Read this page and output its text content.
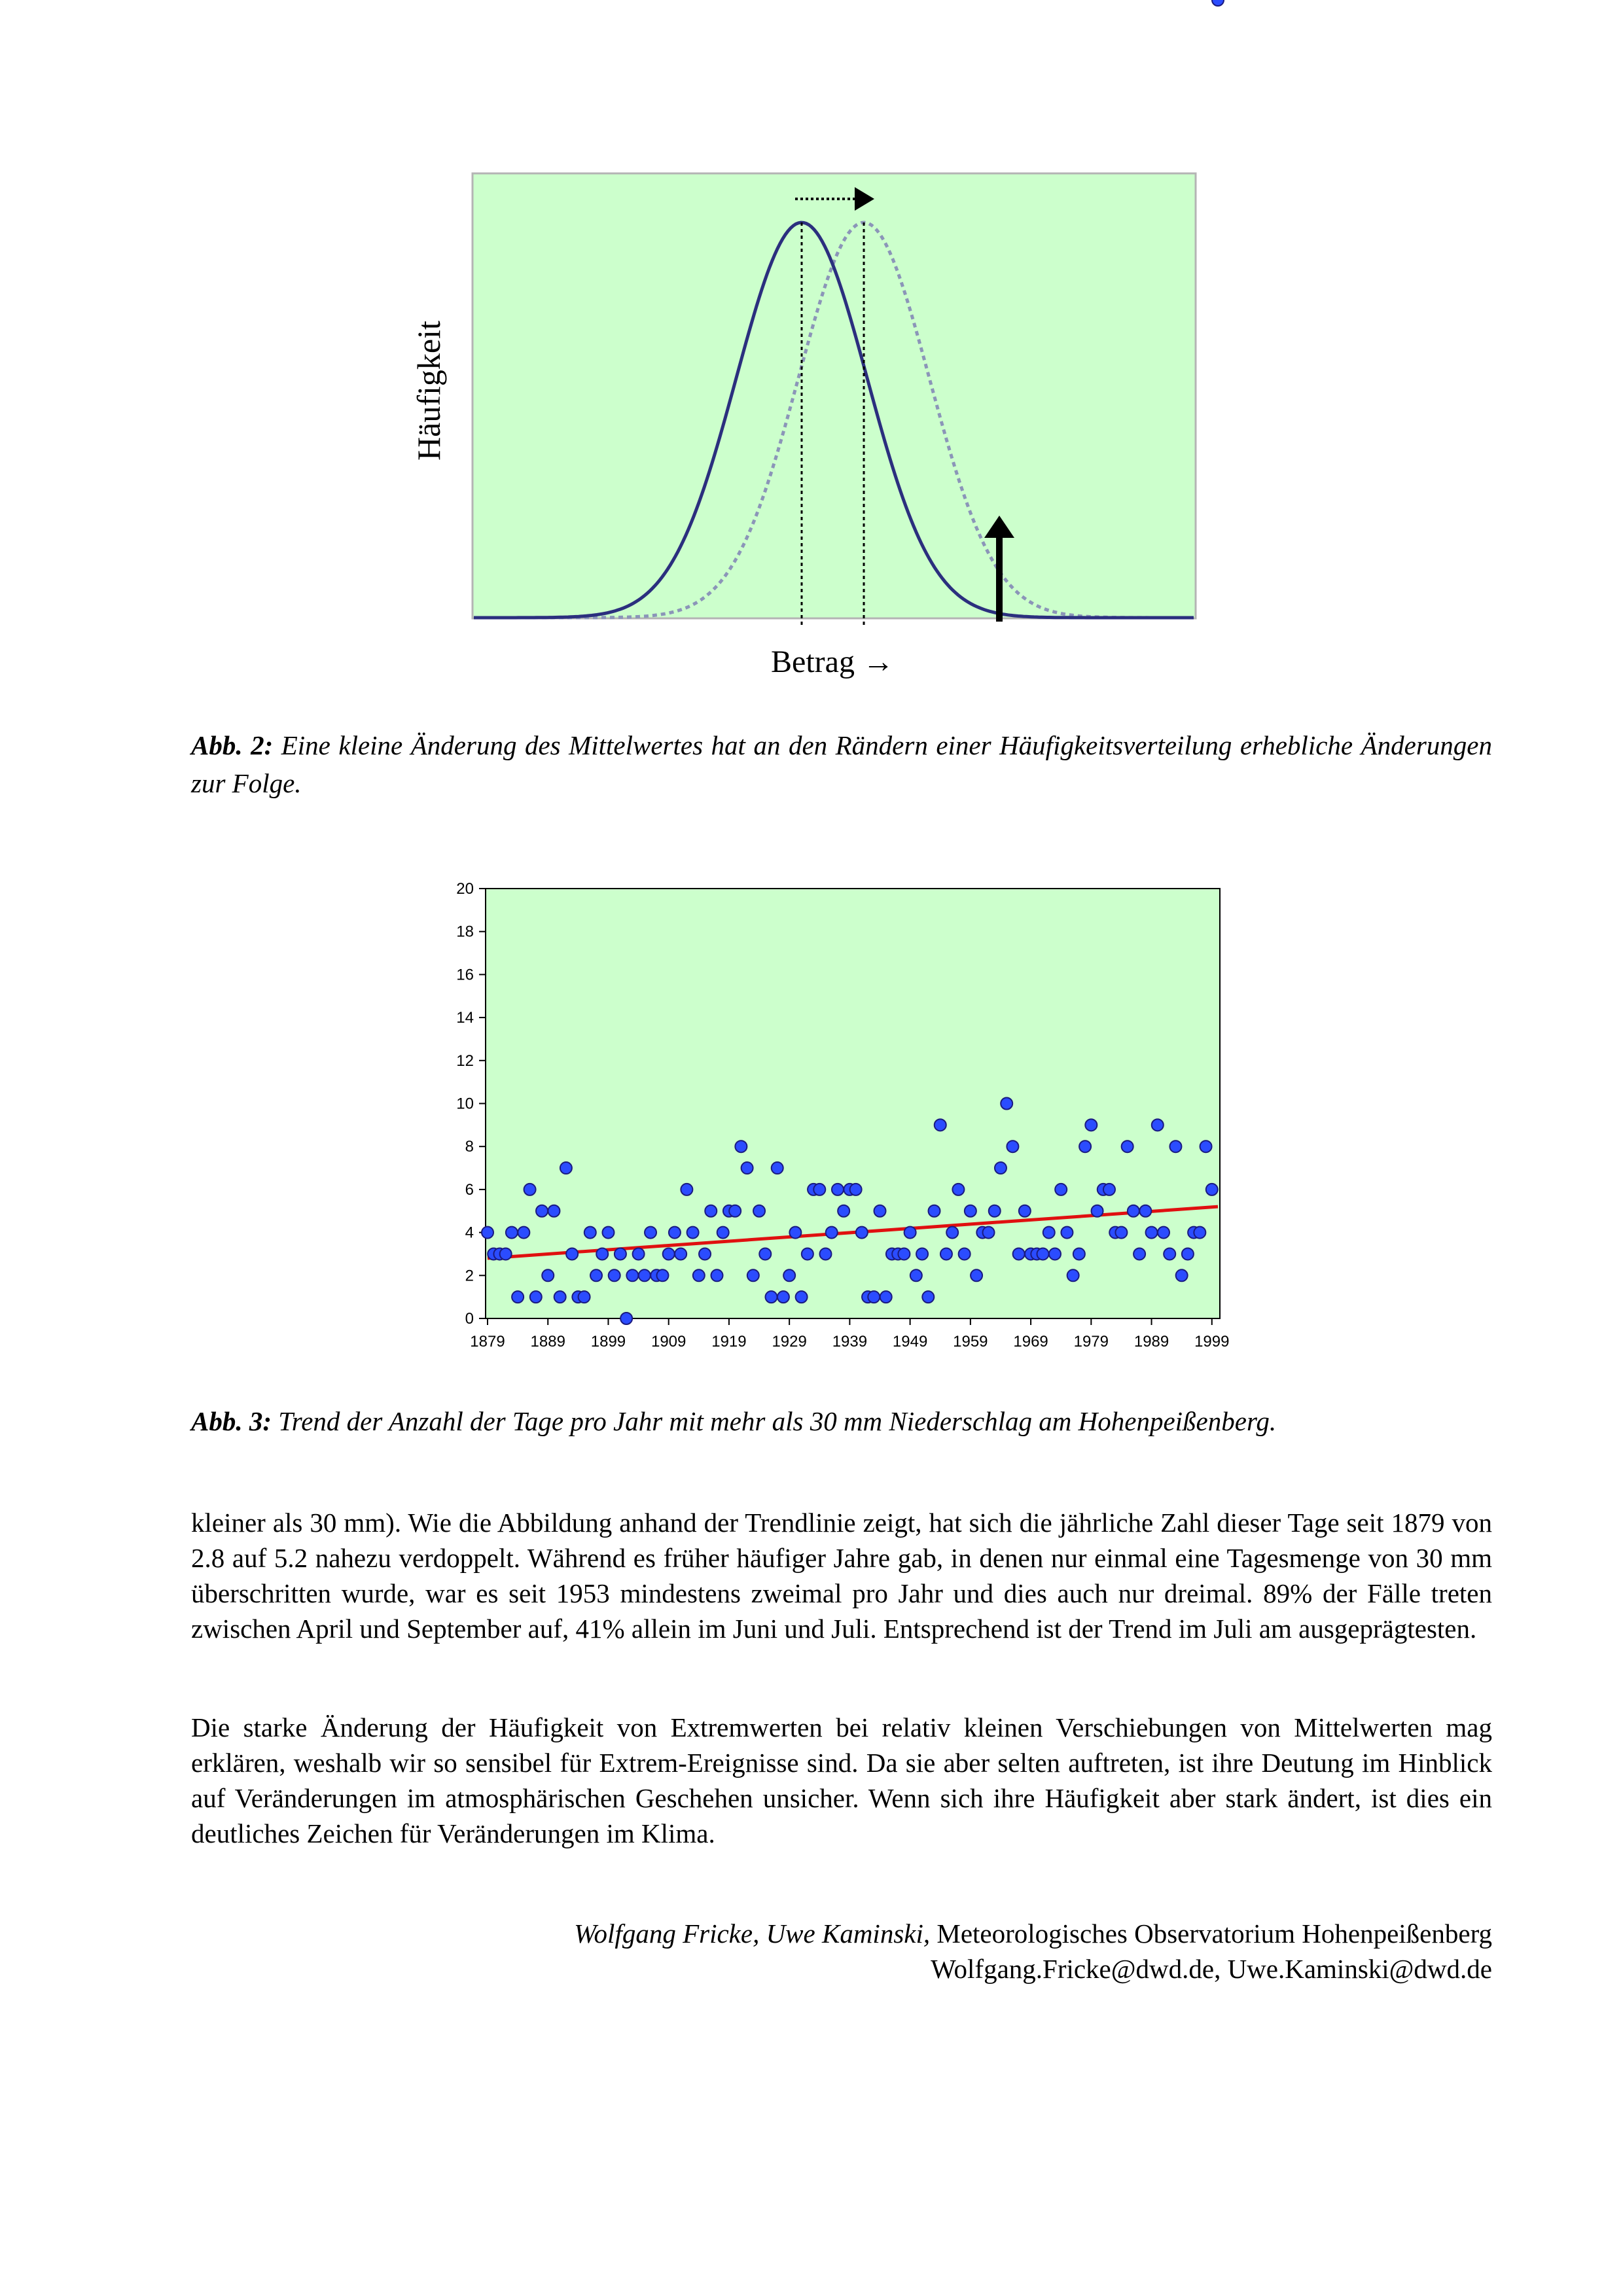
Häufigkeit
Betrag →
Abb. 2: Eine kleine Änderung des Mittelwertes hat an den Rändern einer Häufigkeitsverteilung erhebliche Änderungen zur Folge.
0
2
4
6
8
10
12
14
16
18
20
1879 1889 1899 1909 1919 1929 1939 1949 1959 1969 1979 1989 1999
Abb. 3: Trend der Anzahl der Tage pro Jahr mit mehr als 30 mm Niederschlag am Hohenpeißenberg.

kleiner als 30 mm). Wie die Abbildung anhand der Trendlinie zeigt, hat sich die jährliche Zahl dieser Tage seit 1879 von 2.8 auf 5.2 nahezu verdoppelt. Während es früher häufiger Jahre gab, in denen nur einmal eine Tagesmenge von 30 mm überschritten wurde, war es seit 1953 mindestens zweimal pro Jahr und dies auch nur dreimal. 89% der Fälle treten zwischen April und September auf, 41% allein im Juni und Juli. Entsprechend ist der Trend im Juli am ausgeprägtesten.

Die starke Änderung der Häufigkeit von Extremwerten bei relativ kleinen Verschiebungen von Mittelwerten mag erklären, weshalb wir so sensibel für Extrem-Ereignisse sind. Da sie aber selten auftreten, ist ihre Deutung im Hinblick auf Veränderungen im atmosphärischen Geschehen unsicher. Wenn sich ihre Häufigkeit aber stark ändert, ist dies ein deutliches Zeichen für Veränderungen im Klima.

Wolfgang Fricke, Uwe Kaminski, Meteorologisches Observatorium Hohenpeißenberg
Wolfgang.Fricke@dwd.de, Uwe.Kaminski@dwd.de
